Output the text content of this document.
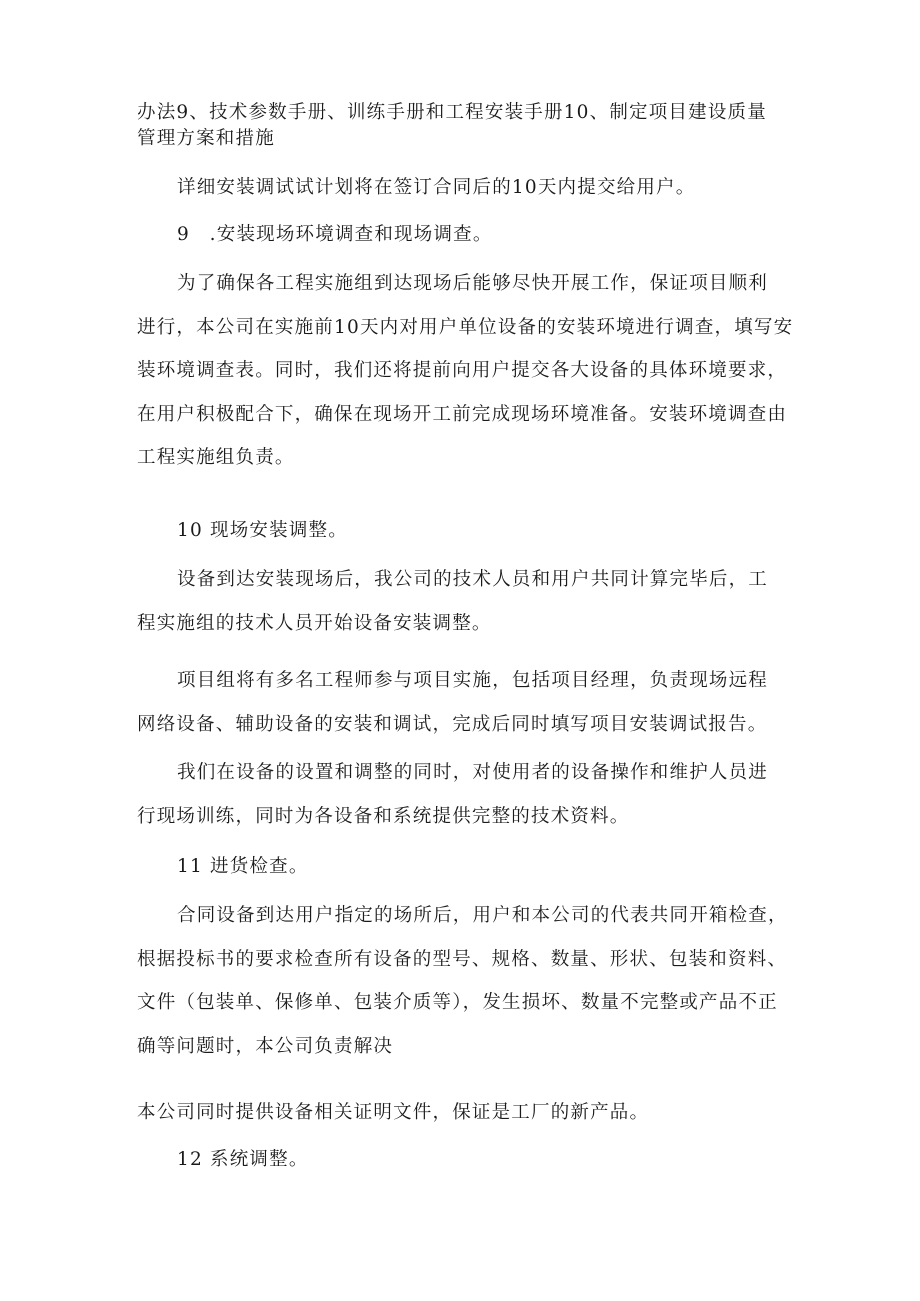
办法9、技术参数手册、训练手册和工程安装手册10、制定项目建设质量
管理方案和措施

详细安装调试试计划将在签订合同后的10天内提交给用户。

9　.安装现场环境调查和现场调查。

为了确保各工程实施组到达现场后能够尽快开展工作，保证项目顺利
进行，本公司在实施前10天内对用户单位设备的安装环境进行调查，填写安
装环境调查表。同时，我们还将提前向用户提交各大设备的具体环境要求，
在用户积极配合下，确保在现场开工前完成现场环境准备。安装环境调查由
工程实施组负责。

10 现场安装调整。

设备到达安装现场后，我公司的技术人员和用户共同计算完毕后，工
程实施组的技术人员开始设备安装调整。

项目组将有多名工程师参与项目实施，包括项目经理，负责现场远程
网络设备、辅助设备的安装和调试，完成后同时填写项目安装调试报告。

我们在设备的设置和调整的同时，对使用者的设备操作和维护人员进
行现场训练，同时为各设备和系统提供完整的技术资料。

11 进货检查。

合同设备到达用户指定的场所后，用户和本公司的代表共同开箱检查，
根据投标书的要求检查所有设备的型号、规格、数量、形状、包装和资料、
文件（包装单、保修单、包装介质等），发生损坏、数量不完整或产品不正
确等问题时，本公司负责解决

本公司同时提供设备相关证明文件，保证是工厂的新产品。

12 系统调整。
